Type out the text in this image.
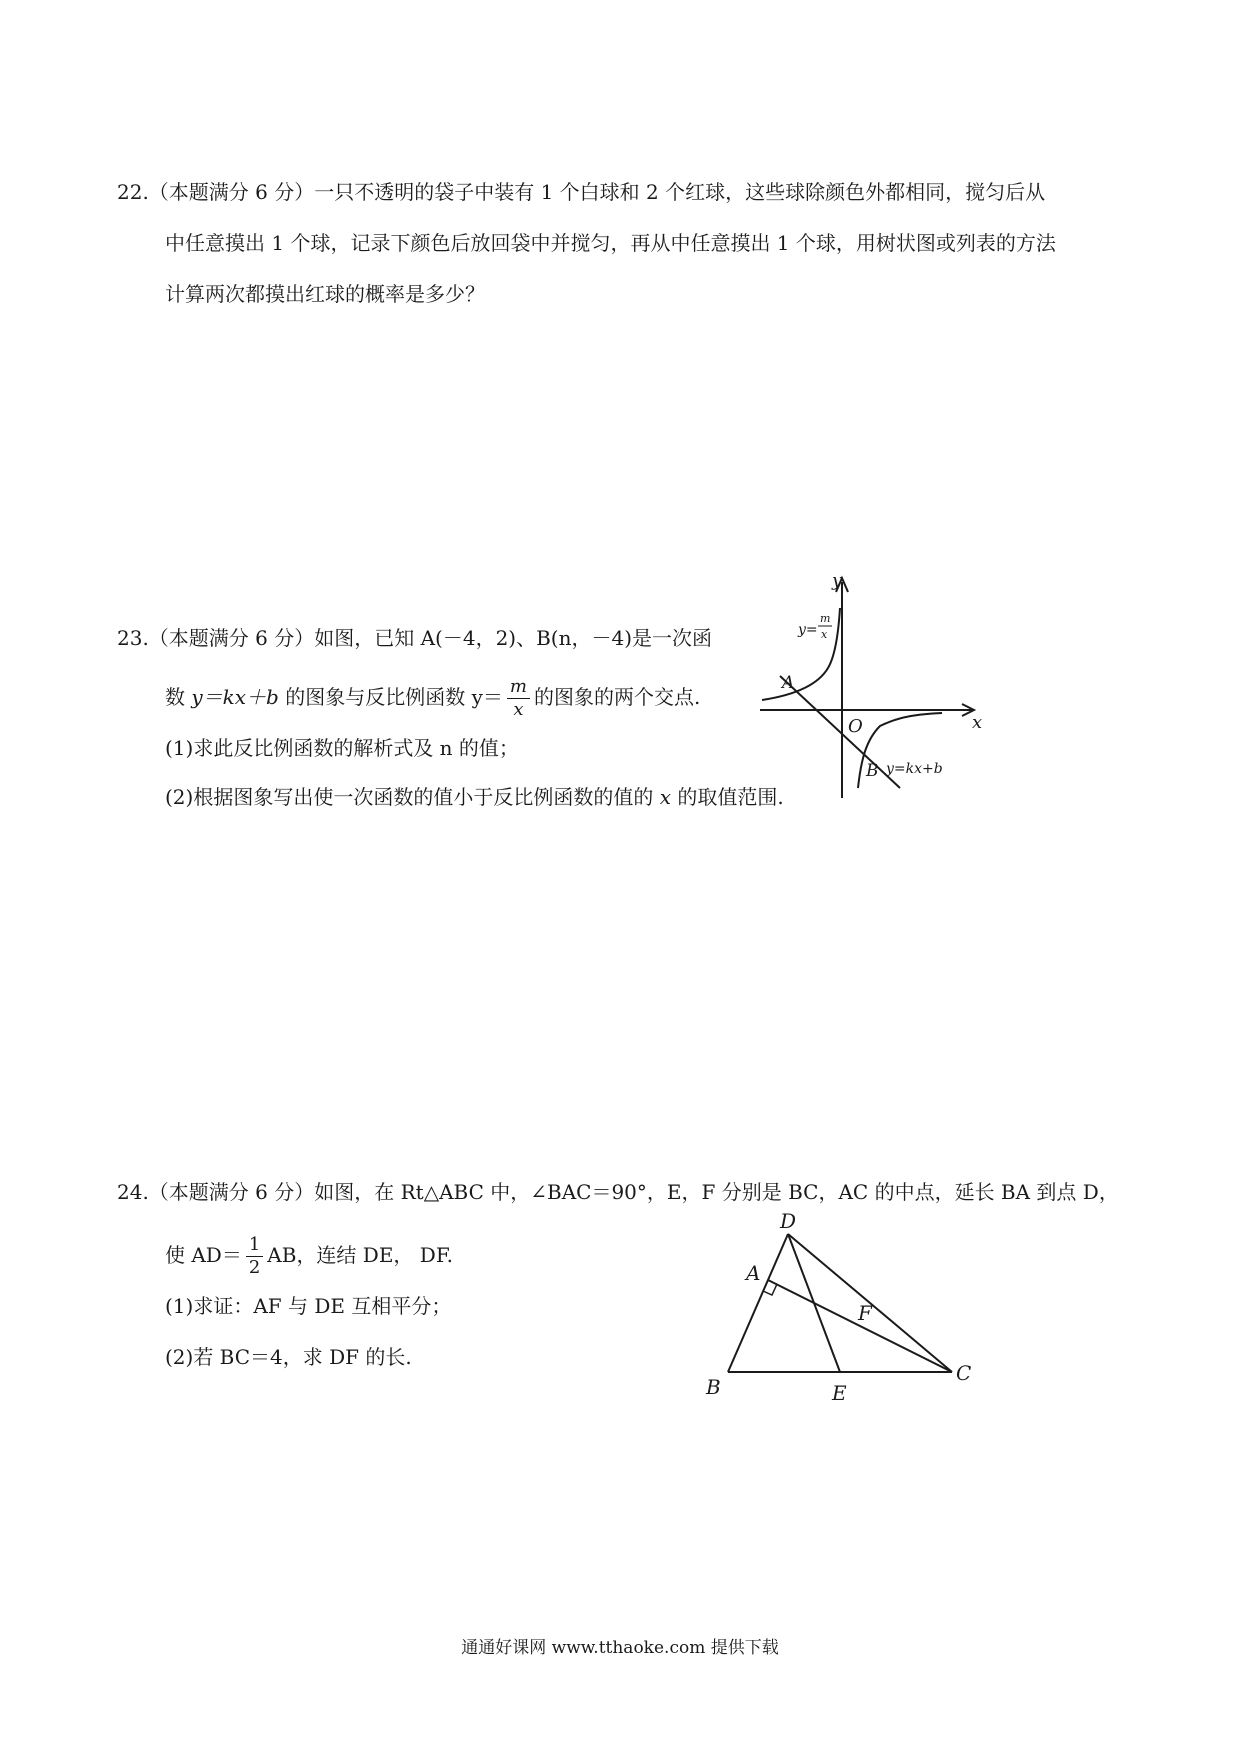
22.（本题满分 6 分）一只不透明的袋子中装有 1 个白球和 2 个红球，这些球除颜色外都相同，搅匀后从
中任意摸出 1 个球，记录下颜色后放回袋中并搅匀，再从中任意摸出 1 个球，用树状图或列表的方法
计算两次都摸出红球的概率是多少？
23.（本题满分 6 分）如图，已知 A(－4，2)、B(n，－4)是一次函
数 y＝kx＋b 的图象与反比例函数 $y= \frac{m}{x}$ 的图象的两个交点.
(1)求此反比例函数的解析式及 n 的值；
(2)根据图象写出使一次函数的值小于反比例函数的值的 x 的取值范围.
y
x
O
A
B
y=
m
x
y=kx+b
24.（本题满分 6 分）如图，在 Rt△ABC 中，∠BAC＝90°，E，F 分别是 BC，AC 的中点，延长 BA 到点 D，
使 $AD= \frac{1}{2}$ AB，连结 DE， DF.
(1)求证：AF 与 DE 互相平分；
(2)若 BC＝4，求 DF 的长.
D
A
F
B	E
C
通通好课网 www.tthaoke.com 提供下载
